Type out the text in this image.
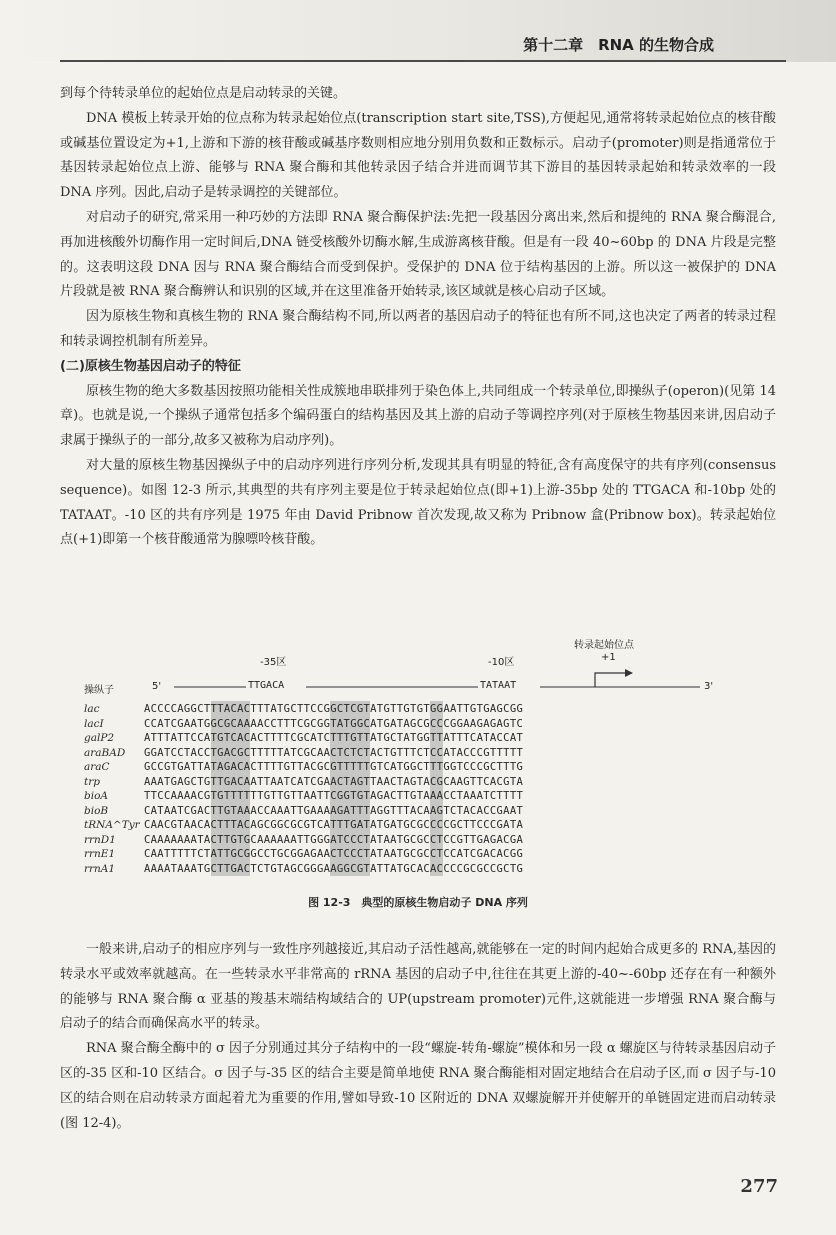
第十二章　RNA 的生物合成

到每个待转录单位的起始位点是启动转录的关键。

DNA 模板上转录开始的位点称为转录起始位点(transcription start site,TSS),方便起见,通常将转录起始位点的核苷酸或碱基位置设定为+1,上游和下游的核苷酸或碱基序数则相应地分别用负数和正数标示。启动子(promoter)则是指通常位于基因转录起始位点上游、能够与 RNA 聚合酶和其他转录因子结合并进而调节其下游目的基因转录起始和转录效率的一段 DNA 序列。因此,启动子是转录调控的关键部位。

对启动子的研究,常采用一种巧妙的方法即 RNA 聚合酶保护法:先把一段基因分离出来,然后和提纯的 RNA 聚合酶混合,再加进核酸外切酶作用一定时间后,DNA 链受核酸外切酶水解,生成游离核苷酸。但是有一段 40~60bp 的 DNA 片段是完整的。这表明这段 DNA 因与 RNA 聚合酶结合而受到保护。受保护的 DNA 位于结构基因的上游。所以这一被保护的 DNA 片段就是被 RNA 聚合酶辨认和识别的区域,并在这里准备开始转录,该区域就是核心启动子区域。

因为原核生物和真核生物的 RNA 聚合酶结构不同,所以两者的基因启动子的特征也有所不同,这也决定了两者的转录过程和转录调控机制有所差异。

(二)原核生物基因启动子的特征

原核生物的绝大多数基因按照功能相关性成簇地串联排列于染色体上,共同组成一个转录单位,即操纵子(operon)(见第 14 章)。也就是说,一个操纵子通常包括多个编码蛋白的结构基因及其上游的启动子等调控序列(对于原核生物基因来讲,因启动子隶属于操纵子的一部分,故多又被称为启动序列)。

对大量的原核生物基因操纵子中的启动序列进行序列分析,发现其具有明显的特征,含有高度保守的共有序列(consensus sequence)。如图 12-3 所示,其典型的共有序列主要是位于转录起始位点(即+1)上游-35bp 处的 TTGACA 和-10bp 处的 TATAAT。-10 区的共有序列是 1975 年由 David Pribnow 首次发现,故又称为 Pribnow 盒(Pribnow box)。转录起始位点(+1)即第一个核苷酸通常为腺嘌呤核苷酸。

转录起始位点
+1
-35区	-10区
操纵子	5'	TTGACA	TATAAT	3'
lac	ACCCCAGGCTTTACACTTTATGCTTCCGGCTCGTATGTTGTGTGGAATTGTGAGCGG
lacI	CCATCGAATGGCGCAAAACCTTTCGCGGTATGGCATGATAGCGCCCGGAAGAGAGTC
galP2	ATTTATTCCATGTCACACTTTTCGCATCTTTGTTATGCTATGGTTATTTCATACCAT
araBAD	GGATCCTACCTGACGCTTTTTATCGCAACTCTCTACTGTTTCTCCATACCCGTTTTT
araC	GCCGTGATTATAGACACTTTTGTTACGCGTTTTTGTCATGGCTTTGGTCCCGCTTTG
trp	AAATGAGCTGTTGACAATTAATCATCGAACTAGTTAACTAGTACGCAAGTTCACGTA
bioA	TTCCAAAACGTGTTTTTTGTTGTTAATTCGGTGTAGACTTGTAAACCTAAATCTTTT
bioB	CATAATCGACTTGTAAACCAAATTGAAAAGATTTAGGTTTACAAGTCTACACCGAAT
tRNA^Tyr CAACGTAACACTTTACAGCGGCGCGTCATTTGATATGATGCGCCCCGCTTCCCGATA
rrnD1	CAAAAAAATACTTGTGCAAAAAATTGGGATCCCTATAATGCGCCTCCGTTGAGACGA
rrnE1	CAATTTTTCTATTGCGGCCTGCGGAGAACTCCCTATAATGCGCCTCCATCGACACGG
rrnA1	AAAATAAATGCTTGACTCTGTAGCGGGAAGGCGTATTATGCACACCCCGCGCCGCTG
图 12-3　典型的原核生物启动子 DNA 序列

一般来讲,启动子的相应序列与一致性序列越接近,其启动子活性越高,就能够在一定的时间内起始合成更多的 RNA,基因的转录水平或效率就越高。在一些转录水平非常高的 rRNA 基因的启动子中,往往在其更上游的-40~-60bp 还存在有一种额外的能够与 RNA 聚合酶 α 亚基的羧基末端结构域结合的 UP(upstream promoter)元件,这就能进一步增强 RNA 聚合酶与启动子的结合而确保高水平的转录。

RNA 聚合酶全酶中的 σ 因子分别通过其分子结构中的一段“螺旋-转角-螺旋”模体和另一段 α 螺旋区与待转录基因启动子区的-35 区和-10 区结合。σ 因子与-35 区的结合主要是简单地使 RNA 聚合酶能相对固定地结合在启动子区,而 σ 因子与-10 区的结合则在启动转录方面起着尤为重要的作用,譬如导致-10 区附近的 DNA 双螺旋解开并使解开的单链固定进而启动转录(图 12-4)。

277
